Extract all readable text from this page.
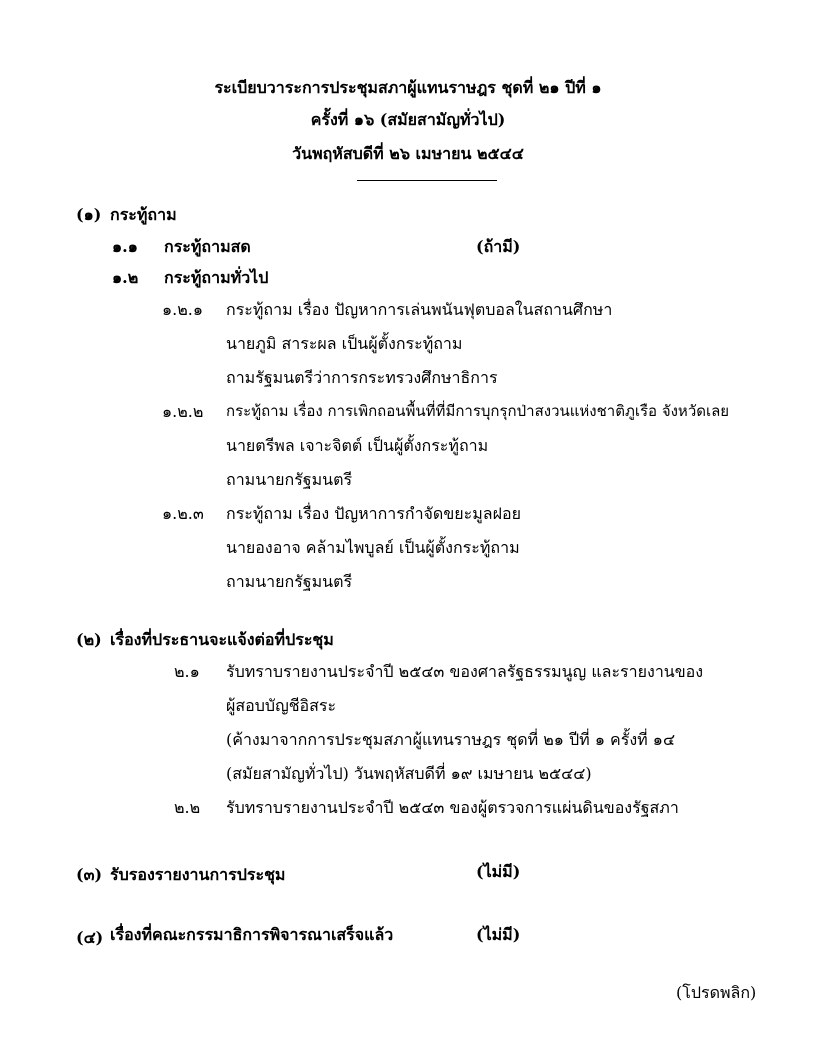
ระเบียบวาระการประชุมสภาผู้แทนราษฎร ชุดที่ ๒๑ ปีที่ ๑
ครั้งที่ ๑๖ (สมัยสามัญทั่วไป)
วันพฤหัสบดีที่ ๒๖ เมษายน ๒๕๔๔
(๑) กระทู้ถาม
๑.๑ กระทู้ถามสด	(ถ้ามี)
๑.๒ กระทู้ถามทั่วไป
๑.๒.๑ กระทู้ถาม เรื่อง ปัญหาการเล่นพนันฟุตบอลในสถานศึกษา
นายภูมิ สาระผล เป็นผู้ตั้งกระทู้ถาม
ถามรัฐมนตรีว่าการกระทรวงศึกษาธิการ
๑.๒.๒ กระทู้ถาม เรื่อง การเพิกถอนพื้นที่ที่มีการบุกรุกป่าสงวนแห่งชาติภูเรือ จังหวัดเลย
นายตรีพล เจาะจิตต์ เป็นผู้ตั้งกระทู้ถาม
ถามนายกรัฐมนตรี
๑.๒.๓ กระทู้ถาม เรื่อง ปัญหาการกำจัดขยะมูลฝอย
นายองอาจ คล้ามไพบูลย์ เป็นผู้ตั้งกระทู้ถาม
ถามนายกรัฐมนตรี
(๒) เรื่องที่ประธานจะแจ้งต่อที่ประชุม
๒.๑ รับทราบรายงานประจำปี ๒๕๔๓ ของศาลรัฐธรรมนูญ และรายงานของ
ผู้สอบบัญชีอิสระ
(ค้างมาจากการประชุมสภาผู้แทนราษฎร ชุดที่ ๒๑ ปีที่ ๑ ครั้งที่ ๑๔
(สมัยสามัญทั่วไป) วันพฤหัสบดีที่ ๑๙ เมษายน ๒๕๔๔)
๒.๒ รับทราบรายงานประจำปี ๒๕๔๓ ของผู้ตรวจการแผ่นดินของรัฐสภา
(๓) รับรองรายงานการประชุม	(ไม่มี)
(๔) เรื่องที่คณะกรรมาธิการพิจารณาเสร็จแล้ว	(ไม่มี)
(โปรดพลิก)
